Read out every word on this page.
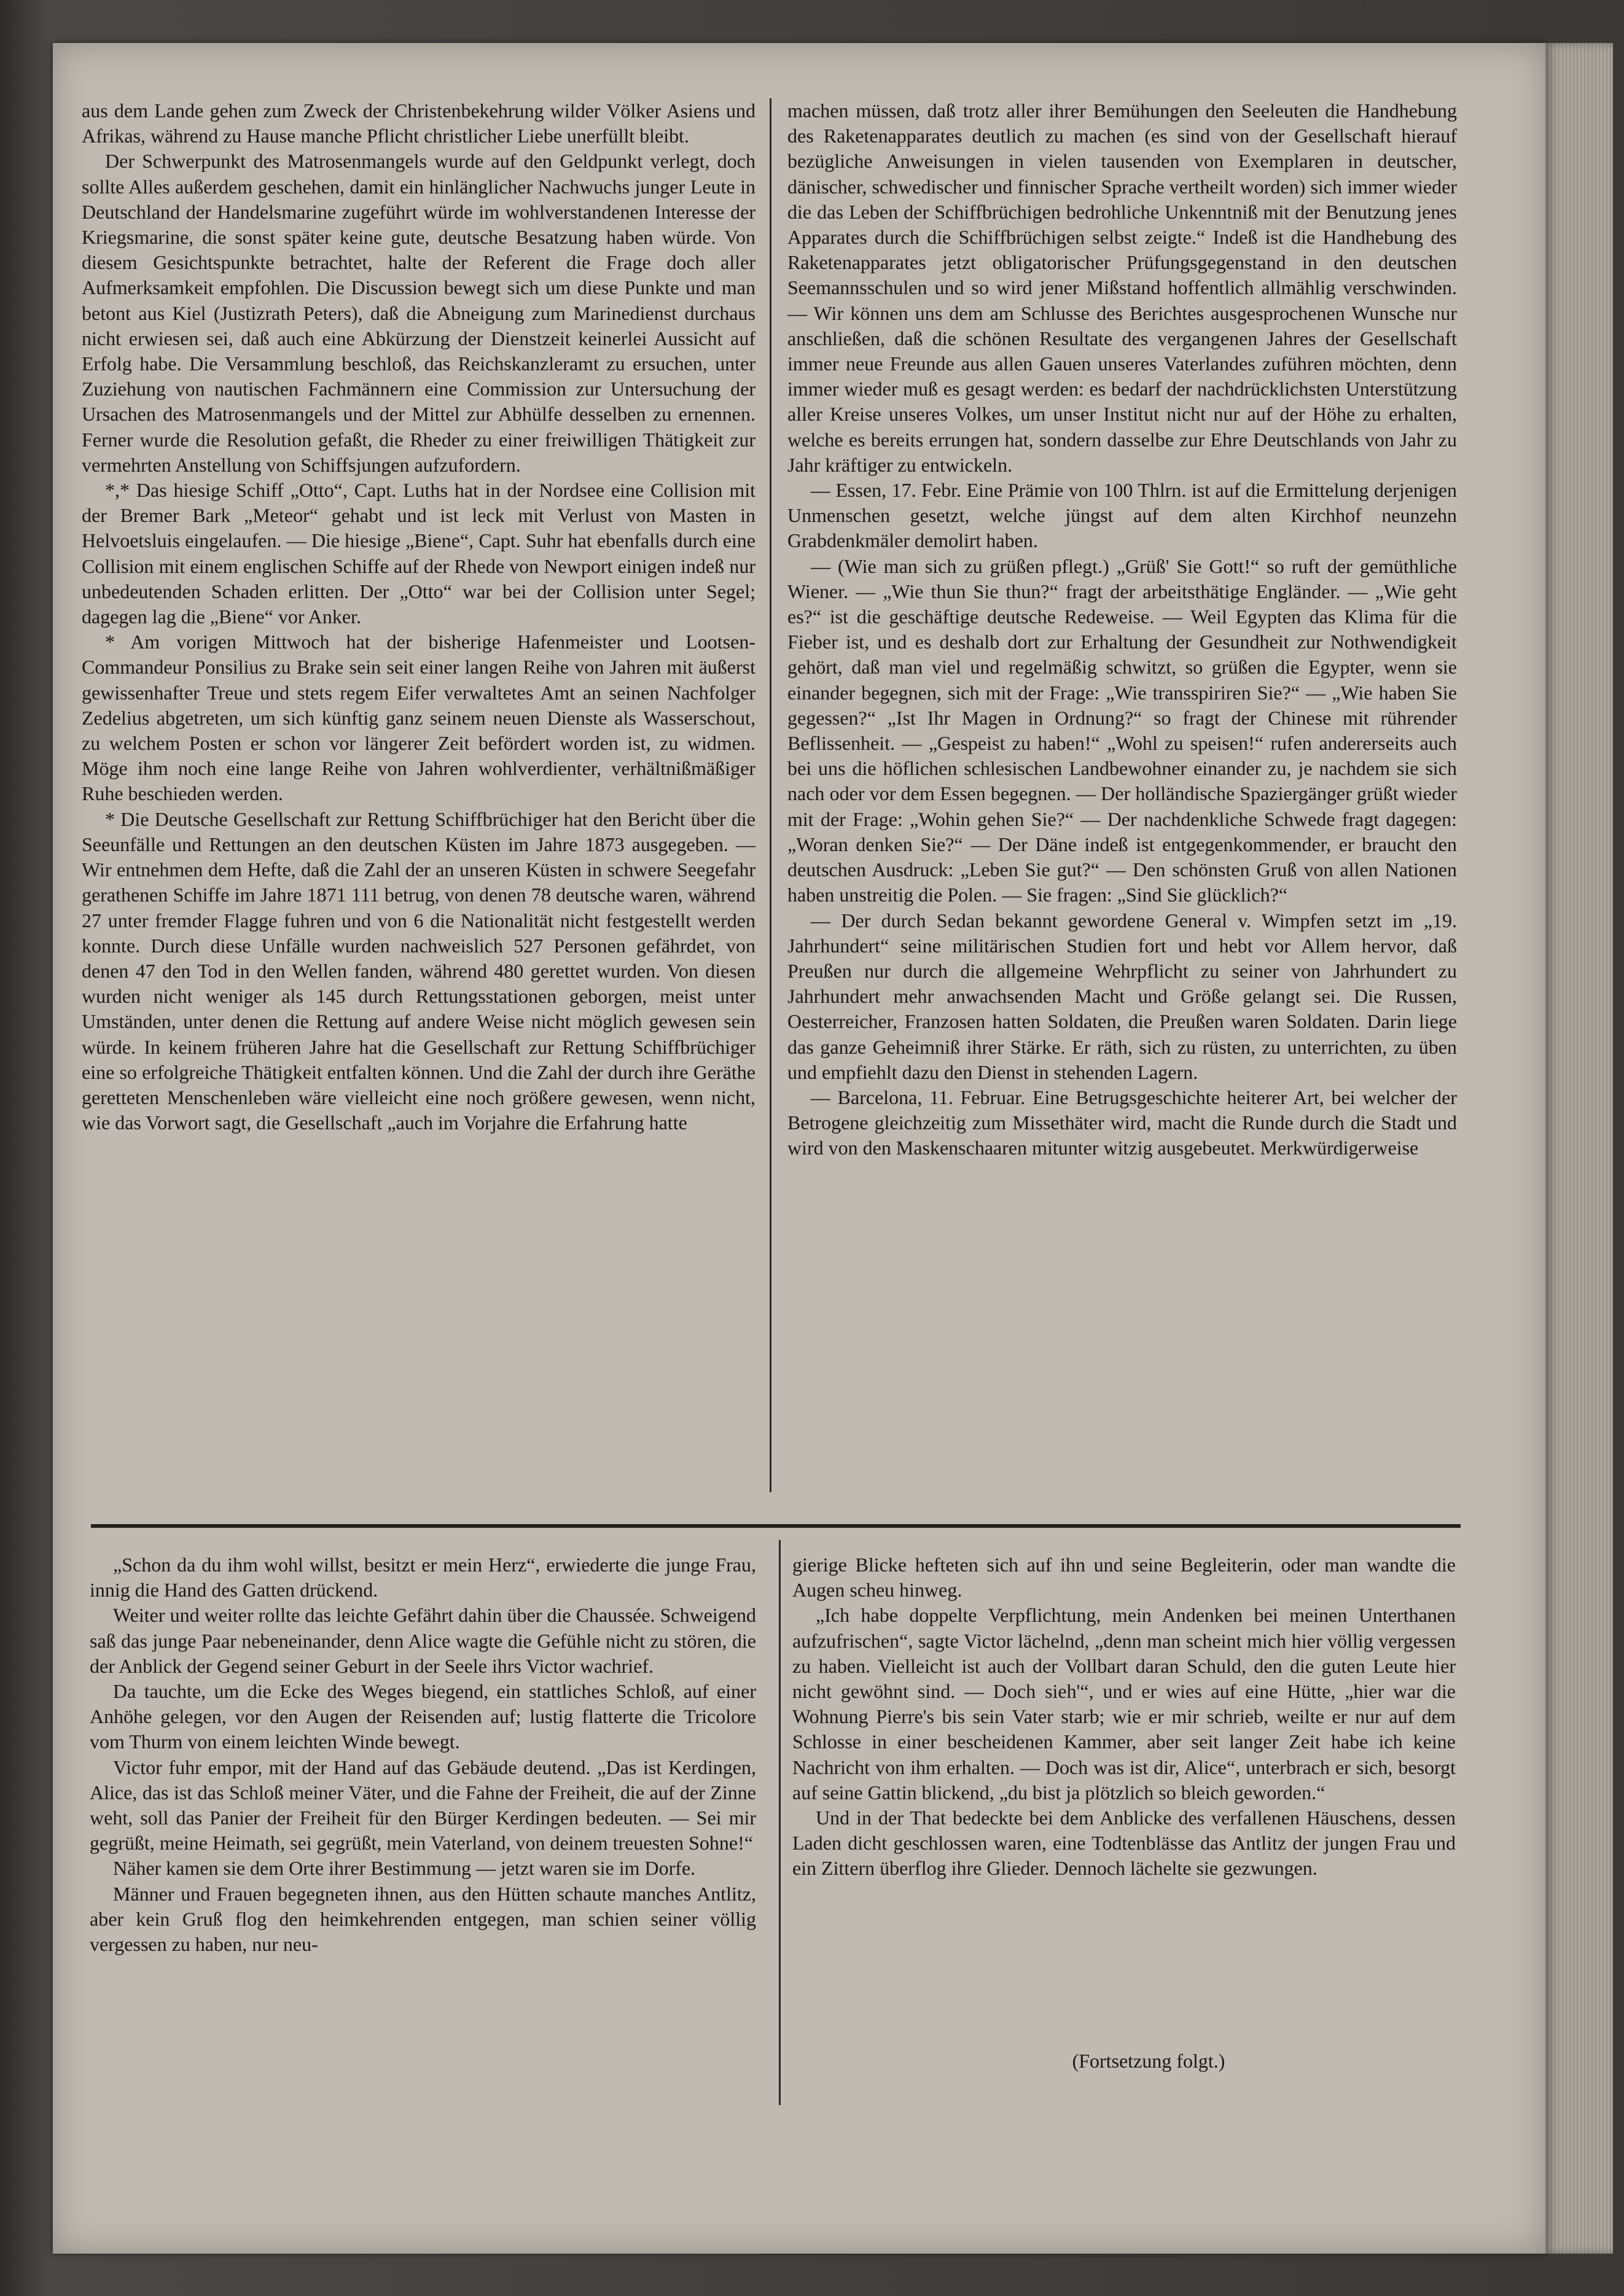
aus dem Lande gehen zum Zweck der Christenbekehrung wilder Völker Asiens und Afrikas, während zu Hause manche Pflicht christlicher Liebe unerfüllt bleibt.

Der Schwerpunkt des Matrosenmangels wurde auf den Geldpunkt verlegt, doch sollte Alles außerdem geschehen, damit ein hinlänglicher Nachwuchs junger Leute in Deutschland der Handelsmarine zugeführt würde im wohlverstandenen Interesse der Kriegsmarine, die sonst später keine gute, deutsche Besatzung haben würde. Von diesem Gesichtspunkte betrachtet, halte der Referent die Frage doch aller Aufmerksamkeit empfohlen. Die Discussion bewegt sich um diese Punkte und man betont aus Kiel (Justizrath Peters), daß die Abneigung zum Marinedienst durchaus nicht erwiesen sei, daß auch eine Abkürzung der Dienstzeit keinerlei Aussicht auf Erfolg habe. Die Versammlung beschloß, das Reichskanzleramt zu ersuchen, unter Zuziehung von nautischen Fachmännern eine Commission zur Untersuchung der Ursachen des Matrosenmangels und der Mittel zur Abhülfe desselben zu ernennen. Ferner wurde die Resolution gefaßt, die Rheder zu einer freiwilligen Thätigkeit zur vermehrten Anstellung von Schiffsjungen aufzufordern.

*,* Das hiesige Schiff „Otto“, Capt. Luths hat in der Nordsee eine Collision mit der Bremer Bark „Meteor“ gehabt und ist leck mit Verlust von Masten in Helvoetsluis eingelaufen. — Die hiesige „Biene“, Capt. Suhr hat ebenfalls durch eine Collision mit einem englischen Schiffe auf der Rhede von Newport einigen indeß nur unbedeutenden Schaden erlitten. Der „Otto“ war bei der Collision unter Segel; dagegen lag die „Biene“ vor Anker.

* Am vorigen Mittwoch hat der bisherige Hafenmeister und Lootsen-Commandeur Ponsilius zu Brake sein seit einer langen Reihe von Jahren mit äußerst gewissenhafter Treue und stets regem Eifer verwaltetes Amt an seinen Nachfolger Zedelius abgetreten, um sich künftig ganz seinem neuen Dienste als Wasserschout, zu welchem Posten er schon vor längerer Zeit befördert worden ist, zu widmen. Möge ihm noch eine lange Reihe von Jahren wohlverdienter, verhältnißmäßiger Ruhe beschieden werden.

* Die Deutsche Gesellschaft zur Rettung Schiffbrüchiger hat den Bericht über die Seeunfälle und Rettungen an den deutschen Küsten im Jahre 1873 ausgegeben. — Wir entnehmen dem Hefte, daß die Zahl der an unseren Küsten in schwere Seegefahr gerathenen Schiffe im Jahre 1871 111 betrug, von denen 78 deutsche waren, während 27 unter fremder Flagge fuhren und von 6 die Nationalität nicht festgestellt werden konnte. Durch diese Unfälle wurden nachweislich 527 Personen gefährdet, von denen 47 den Tod in den Wellen fanden, während 480 gerettet wurden. Von diesen wurden nicht weniger als 145 durch Rettungsstationen geborgen, meist unter Umständen, unter denen die Rettung auf andere Weise nicht möglich gewesen sein würde. In keinem früheren Jahre hat die Gesellschaft zur Rettung Schiffbrüchiger eine so erfolgreiche Thätigkeit entfalten können. Und die Zahl der durch ihre Geräthe geretteten Menschenleben wäre vielleicht eine noch größere gewesen, wenn nicht, wie das Vorwort sagt, die Gesellschaft „auch im Vorjahre die Erfahrung hatte

machen müssen, daß trotz aller ihrer Bemühungen den Seeleuten die Handhebung des Raketenapparates deutlich zu machen (es sind von der Gesellschaft hierauf bezügliche Anweisungen in vielen tausenden von Exemplaren in deutscher, dänischer, schwedischer und finnischer Sprache vertheilt worden) sich immer wieder die das Leben der Schiffbrüchigen bedrohliche Unkenntniß mit der Benutzung jenes Apparates durch die Schiffbrüchigen selbst zeigte.“ Indeß ist die Handhebung des Raketenapparates jetzt obligatorischer Prüfungsgegenstand in den deutschen Seemannsschulen und so wird jener Mißstand hoffentlich allmählig verschwinden. — Wir können uns dem am Schlusse des Berichtes ausgesprochenen Wunsche nur anschließen, daß die schönen Resultate des vergangenen Jahres der Gesellschaft immer neue Freunde aus allen Gauen unseres Vaterlandes zuführen möchten, denn immer wieder muß es gesagt werden: es bedarf der nachdrücklichsten Unterstützung aller Kreise unseres Volkes, um unser Institut nicht nur auf der Höhe zu erhalten, welche es bereits errungen hat, sondern dasselbe zur Ehre Deutschlands von Jahr zu Jahr kräftiger zu entwickeln.

— Essen, 17. Febr. Eine Prämie von 100 Thlrn. ist auf die Ermittelung derjenigen Unmenschen gesetzt, welche jüngst auf dem alten Kirchhof neunzehn Grabdenkmäler demolirt haben.

— (Wie man sich zu grüßen pflegt.) „Grüß' Sie Gott!“ so ruft der gemüthliche Wiener. — „Wie thun Sie thun?“ fragt der arbeitsthätige Engländer. — „Wie geht es?“ ist die geschäftige deutsche Redeweise. — Weil Egypten das Klima für die Fieber ist, und es deshalb dort zur Erhaltung der Gesundheit zur Nothwendigkeit gehört, daß man viel und regelmäßig schwitzt, so grüßen die Egypter, wenn sie einander begegnen, sich mit der Frage: „Wie transspiriren Sie?“ — „Wie haben Sie gegessen?“ „Ist Ihr Magen in Ordnung?“ so fragt der Chinese mit rührender Beflissenheit. — „Gespeist zu haben!“ „Wohl zu speisen!“ rufen andererseits auch bei uns die höflichen schlesischen Landbewohner einander zu, je nachdem sie sich nach oder vor dem Essen begegnen. — Der holländische Spaziergänger grüßt wieder mit der Frage: „Wohin gehen Sie?“ — Der nachdenkliche Schwede fragt dagegen: „Woran denken Sie?“ — Der Däne indeß ist entgegenkommender, er braucht den deutschen Ausdruck: „Leben Sie gut?“ — Den schönsten Gruß von allen Nationen haben unstreitig die Polen. — Sie fragen: „Sind Sie glücklich?“

— Der durch Sedan bekannt gewordene General v. Wimpfen setzt im „19. Jahrhundert“ seine militärischen Studien fort und hebt vor Allem hervor, daß Preußen nur durch die allgemeine Wehrpflicht zu seiner von Jahrhundert zu Jahrhundert mehr anwachsenden Macht und Größe gelangt sei. Die Russen, Oesterreicher, Franzosen hatten Soldaten, die Preußen waren Soldaten. Darin liege das ganze Geheimniß ihrer Stärke. Er räth, sich zu rüsten, zu unterrichten, zu üben und empfiehlt dazu den Dienst in stehenden Lagern.

— Barcelona, 11. Februar. Eine Betrugsgeschichte heiterer Art, bei welcher der Betrogene gleichzeitig zum Missethäter wird, macht die Runde durch die Stadt und wird von den Maskenschaaren mitunter witzig ausgebeutet. Merkwürdigerweise

„Schon da du ihm wohl willst, besitzt er mein Herz“, erwiederte die junge Frau, innig die Hand des Gatten drückend.

Weiter und weiter rollte das leichte Gefährt dahin über die Chaussée. Schweigend saß das junge Paar nebeneinander, denn Alice wagte die Gefühle nicht zu stören, die der Anblick der Gegend seiner Geburt in der Seele ihrs Victor wachrief.

Da tauchte, um die Ecke des Weges biegend, ein stattliches Schloß, auf einer Anhöhe gelegen, vor den Augen der Reisenden auf; lustig flatterte die Tricolore vom Thurm von einem leichten Winde bewegt.

Victor fuhr empor, mit der Hand auf das Gebäude deutend. „Das ist Kerdingen, Alice, das ist das Schloß meiner Väter, und die Fahne der Freiheit, die auf der Zinne weht, soll das Panier der Freiheit für den Bürger Kerdingen bedeuten. — Sei mir gegrüßt, meine Heimath, sei gegrüßt, mein Vaterland, von deinem treuesten Sohne!“

Näher kamen sie dem Orte ihrer Bestimmung — jetzt waren sie im Dorfe.

Männer und Frauen begegneten ihnen, aus den Hütten schaute manches Antlitz, aber kein Gruß flog den heimkehrenden entgegen, man schien seiner völlig vergessen zu haben, nur neu-

gierige Blicke hefteten sich auf ihn und seine Begleiterin, oder man wandte die Augen scheu hinweg.

„Ich habe doppelte Verpflichtung, mein Andenken bei meinen Unterthanen aufzufrischen“, sagte Victor lächelnd, „denn man scheint mich hier völlig vergessen zu haben. Vielleicht ist auch der Vollbart daran Schuld, den die guten Leute hier nicht gewöhnt sind. — Doch sieh'“, und er wies auf eine Hütte, „hier war die Wohnung Pierre's bis sein Vater starb; wie er mir schrieb, weilte er nur auf dem Schlosse in einer bescheidenen Kammer, aber seit langer Zeit habe ich keine Nachricht von ihm erhalten. — Doch was ist dir, Alice“, unterbrach er sich, besorgt auf seine Gattin blickend, „du bist ja plötzlich so bleich geworden.“

Und in der That bedeckte bei dem Anblicke des verfallenen Häuschens, dessen Laden dicht geschlossen waren, eine Todtenblässe das Antlitz der jungen Frau und ein Zittern überflog ihre Glieder. Dennoch lächelte sie gezwungen.

(Fortsetzung folgt.)
